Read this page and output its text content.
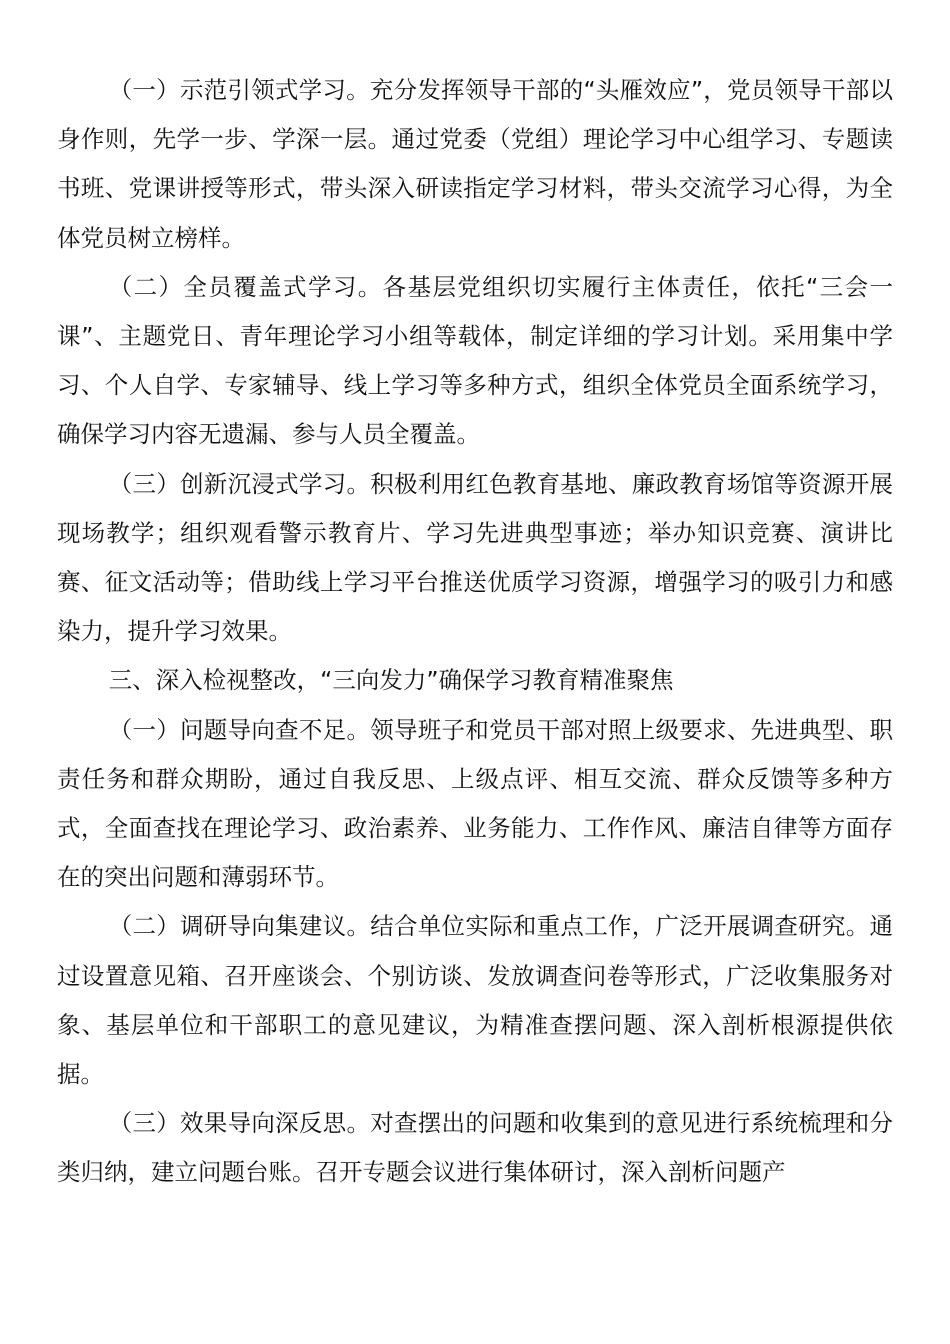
（一）示范引领式学习。充分发挥领导干部的“头雁效应”，党员领导干部以身作则，先学一步、学深一层。通过党委（党组）理论学习中心组学习、专题读书班、党课讲授等形式，带头深入研读指定学习材料，带头交流学习心得，为全体党员树立榜样。

（二）全员覆盖式学习。各基层党组织切实履行主体责任，依托“三会一课”、主题党日、青年理论学习小组等载体，制定详细的学习计划。采用集中学习、个人自学、专家辅导、线上学习等多种方式，组织全体党员全面系统学习，确保学习内容无遗漏、参与人员全覆盖。

（三）创新沉浸式学习。积极利用红色教育基地、廉政教育场馆等资源开展现场教学；组织观看警示教育片、学习先进典型事迹；举办知识竞赛、演讲比赛、征文活动等；借助线上学习平台推送优质学习资源，增强学习的吸引力和感染力，提升学习效果。

三、深入检视整改，“三向发力”确保学习教育精准聚焦

（一）问题导向查不足。领导班子和党员干部对照上级要求、先进典型、职责任务和群众期盼，通过自我反思、上级点评、相互交流、群众反馈等多种方式，全面查找在理论学习、政治素养、业务能力、工作作风、廉洁自律等方面存在的突出问题和薄弱环节。

（二）调研导向集建议。结合单位实际和重点工作，广泛开展调查研究。通过设置意见箱、召开座谈会、个别访谈、发放调查问卷等形式，广泛收集服务对象、基层单位和干部职工的意见建议，为精准查摆问题、深入剖析根源提供依据。

（三）效果导向深反思。对查摆出的问题和收集到的意见进行系统梳理和分类归纳，建立问题台账。召开专题会议进行集体研讨，深入剖析问题产
